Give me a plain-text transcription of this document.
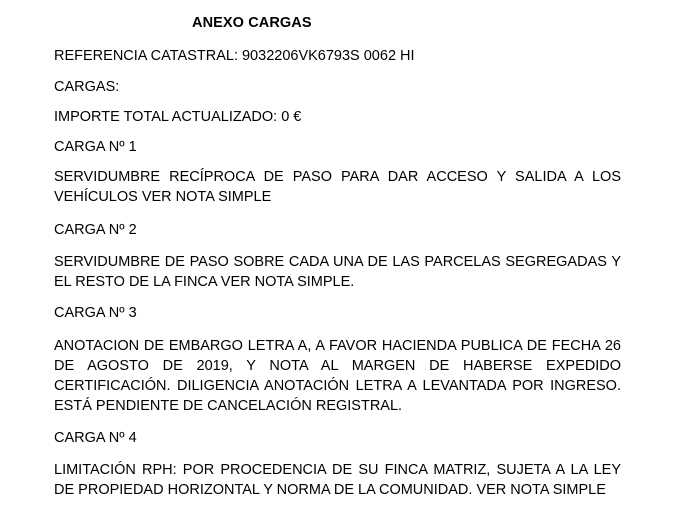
ANEXO CARGAS
REFERENCIA CATASTRAL: 9032206VK6793S 0062 HI
CARGAS:
IMPORTE TOTAL ACTUALIZADO: 0 €
CARGA Nº 1
SERVIDUMBRE RECÍPROCA DE PASO PARA DAR ACCESO Y SALIDA A LOS VEHÍCULOS VER NOTA SIMPLE
CARGA Nº 2
SERVIDUMBRE DE PASO SOBRE CADA UNA DE LAS PARCELAS SEGREGADAS Y EL RESTO DE LA FINCA VER NOTA SIMPLE.
CARGA Nº 3
ANOTACION DE EMBARGO LETRA A, A FAVOR HACIENDA PUBLICA DE FECHA 26 DE AGOSTO DE 2019, Y NOTA AL MARGEN DE HABERSE EXPEDIDO CERTIFICACIÓN. DILIGENCIA ANOTACIÓN LETRA A LEVANTADA POR INGRESO. ESTÁ PENDIENTE DE CANCELACIÓN REGISTRAL.
CARGA Nº 4
LIMITACIÓN RPH: POR PROCEDENCIA DE SU FINCA MATRIZ, SUJETA A LA LEY DE PROPIEDAD HORIZONTAL Y NORMA DE LA COMUNIDAD. VER NOTA SIMPLE
